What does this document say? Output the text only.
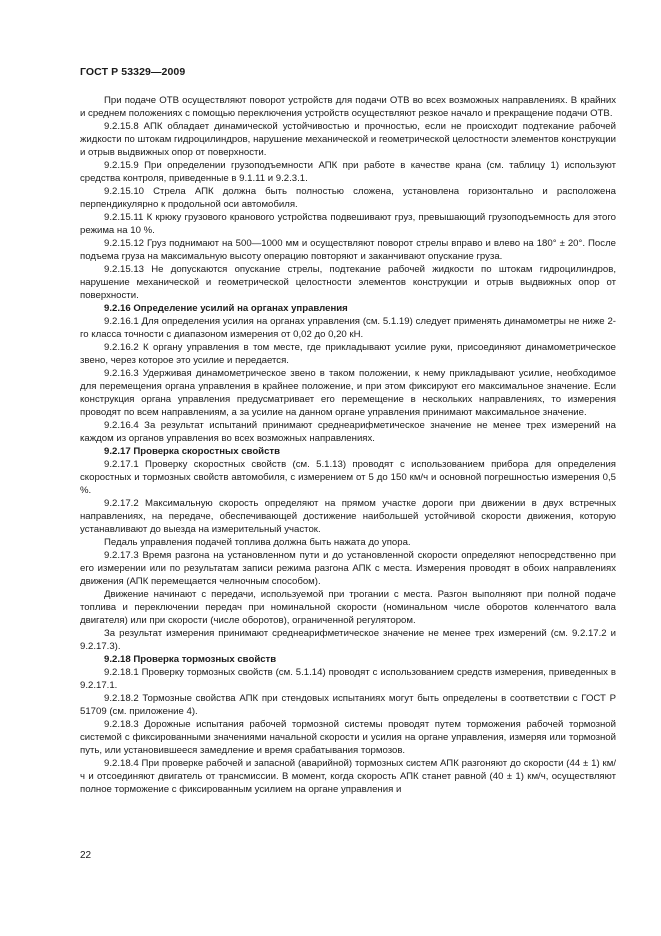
ГОСТ Р 53329—2009

При подаче ОТВ осуществляют поворот устройств для подачи ОТВ во всех возможных направлениях. В крайних и среднем положениях с помощью переключения устройств осуществляют резкое начало и прекращение подачи ОТВ.

9.2.15.8 АПК обладает динамической устойчивостью и прочностью, если не происходит подтекание рабочей жидкости по штокам гидроцилиндров, нарушение механической и геометрической целостности элементов конструкции и отрыв выдвижных опор от поверхности.

9.2.15.9 При определении грузоподъемности АПК при работе в качестве крана (см. таблицу 1) используют средства контроля, приведенные в 9.1.11 и 9.2.3.1.

9.2.15.10 Стрела АПК должна быть полностью сложена, установлена горизонтально и расположена перпендикулярно к продольной оси автомобиля.

9.2.15.11 К крюку грузового кранового устройства подвешивают груз, превышающий грузоподъемность для этого режима на 10 %.

9.2.15.12 Груз поднимают на 500—1000 мм и осуществляют поворот стрелы вправо и влево на 180° ± 20°. После подъема груза на максимальную высоту операцию повторяют и заканчивают опускание груза.

9.2.15.13 Не допускаются опускание стрелы, подтекание рабочей жидкости по штокам гидроцилиндров, нарушение механической и геометрической целостности элементов конструкции и отрыв выдвижных опор от поверхности.

9.2.16 Определение усилий на органах управления

9.2.16.1 Для определения усилия на органах управления (см. 5.1.19) следует применять динамометры не ниже 2-го класса точности с диапазоном измерения от 0,02 до 0,20 кН.

9.2.16.2 К органу управления в том месте, где прикладывают усилие руки, присоединяют динамометрическое звено, через которое это усилие и передается.

9.2.16.3 Удерживая динамометрическое звено в таком положении, к нему прикладывают усилие, необходимое для перемещения органа управления в крайнее положение, и при этом фиксируют его максимальное значение. Если конструкция органа управления предусматривает его перемещение в нескольких направлениях, то измерения проводят по всем направлениям, а за усилие на данном органе управления принимают максимальное значение.

9.2.16.4 За результат испытаний принимают среднеарифметическое значение не менее трех измерений на каждом из органов управления во всех возможных направлениях.

9.2.17 Проверка скоростных свойств

9.2.17.1 Проверку скоростных свойств (см. 5.1.13) проводят с использованием прибора для определения скоростных и тормозных свойств автомобиля, с измерением от 5 до 150 км/ч и основной погрешностью измерения 0,5 %.

9.2.17.2 Максимальную скорость определяют на прямом участке дороги при движении в двух встречных направлениях, на передаче, обеспечивающей достижение наибольшей устойчивой скорости движения, которую устанавливают до выезда на измерительный участок.

Педаль управления подачей топлива должна быть нажата до упора.

9.2.17.3 Время разгона на установленном пути и до установленной скорости определяют непосредственно при его измерении или по результатам записи режима разгона АПК с места. Измерения проводят в обоих направлениях движения (АПК перемещается челночным способом).

Движение начинают с передачи, используемой при трогании с места. Разгон выполняют при полной подаче топлива и переключении передач при номинальной скорости (номинальном числе оборотов коленчатого вала двигателя) или при скорости (числе оборотов), ограниченной регулятором.

За результат измерения принимают среднеарифметическое значение не менее трех измерений (см. 9.2.17.2 и 9.2.17.3).

9.2.18 Проверка тормозных свойств

9.2.18.1 Проверку тормозных свойств (см. 5.1.14) проводят с использованием средств измерения, приведенных в 9.2.17.1.

9.2.18.2 Тормозные свойства АПК при стендовых испытаниях могут быть определены в соответствии с ГОСТ Р 51709 (см. приложение 4).

9.2.18.3 Дорожные испытания рабочей тормозной системы проводят путем торможения рабочей тормозной системой с фиксированными значениями начальной скорости и усилия на органе управления, измеряя или тормозной путь, или установившееся замедление и время срабатывания тормозов.

9.2.18.4 При проверке рабочей и запасной (аварийной) тормозных систем АПК разгоняют до скорости (44 ± 1) км/ч и отсоединяют двигатель от трансмиссии. В момент, когда скорость АПК станет равной (40 ± 1) км/ч, осуществляют полное торможение с фиксированным усилием на органе управления и

22
